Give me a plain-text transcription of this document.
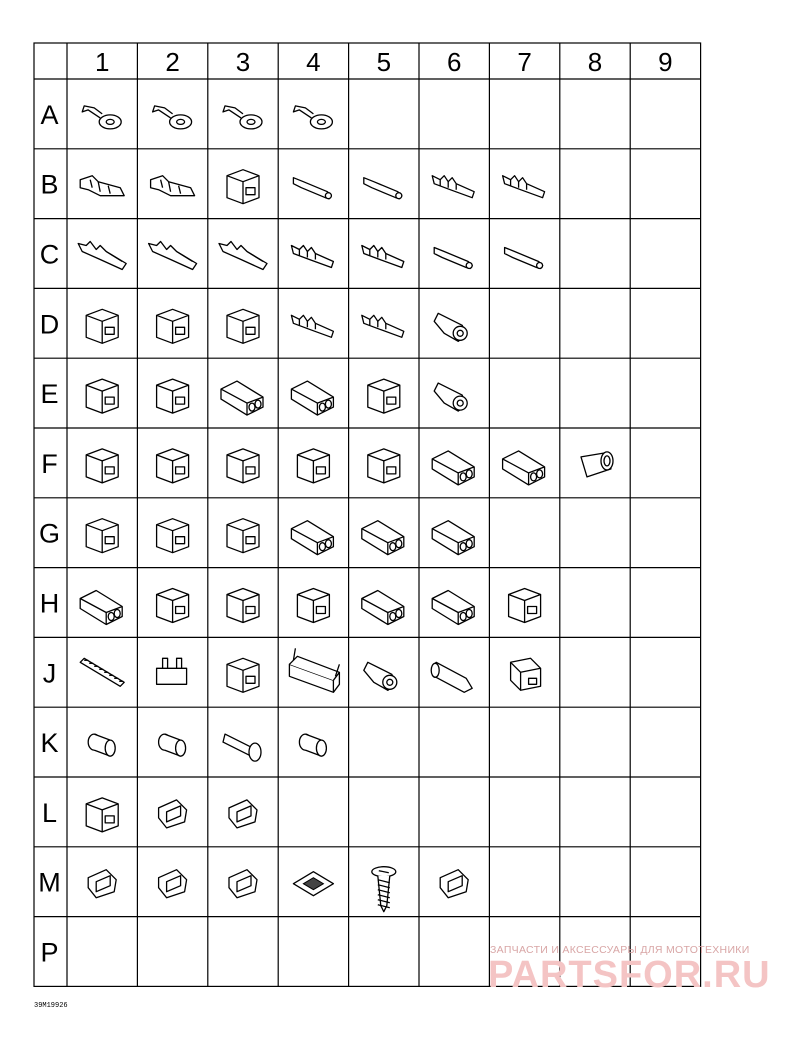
1 2 3 4 5 6 7 8 9
A
B
C
D
E
F
G
H
J
K
L
M
P	ЗАПЧАСТИ И АКСЕССУАРЫ ДЛЯ МОТОТЕХНИКИ
PARTSFOR.RU
39M19926
